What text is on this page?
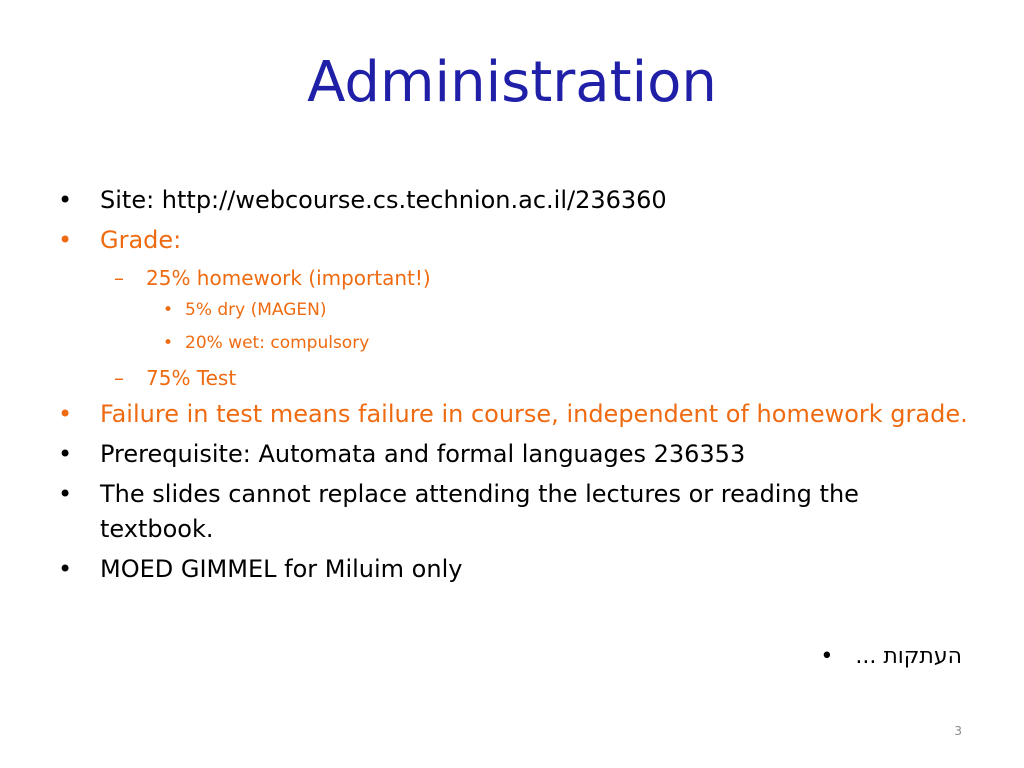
Administration
• Site: http://webcourse.cs.technion.ac.il/236360
• Grade:
– 25% homework (important!)
• 5% dry (MAGEN)
• 20% wet: compulsory
– 75% Test
• Failure in test means failure in course, independent of homework grade.
• Prerequisite: Automata and formal languages 236353
• The slides cannot replace attending the lectures or reading the textbook.
• MOED GIMMEL for Miluim only
• העתקות ...
3
